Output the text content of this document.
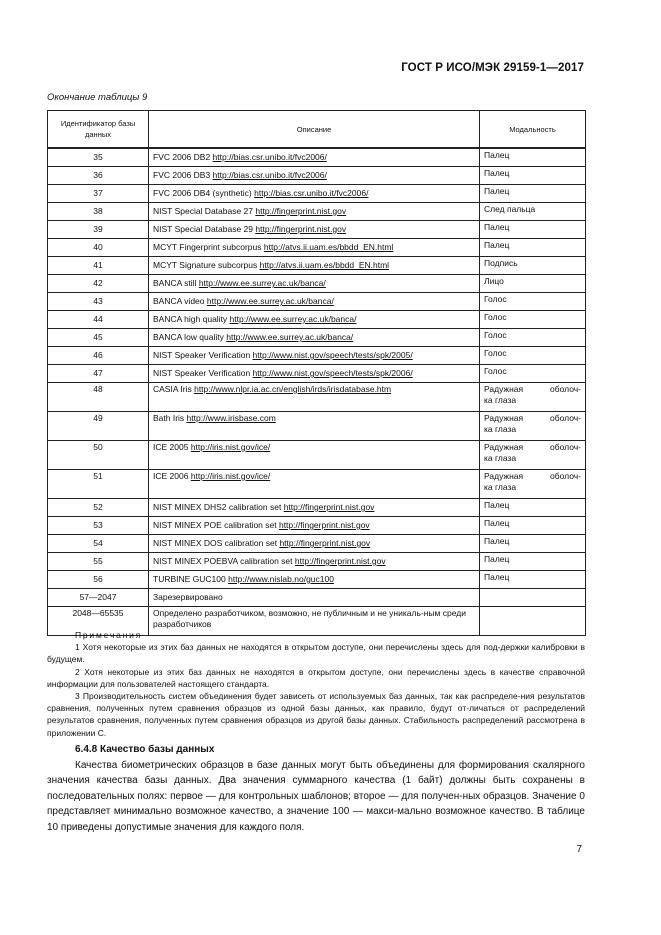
ГОСТ Р ИСО/МЭК 29159-1—2017
Окончание таблицы 9
Идентификатор базы данных	Описание	Модальность
35	FVC 2006 DB2 http://bias.csr.unibo.it/fvc2006/	Палец
36	FVC 2006 DB3 http://bias.csr.unibo.it/fvc2006/	Палец
37	FVC 2006 DB4 (synthetic) http://bias.csr.unibo.it/fvc2006/	Палец
38	NIST Special Database 27 http://fingerprint.nist.gov	След пальца
39	NIST Special Database 29 http://fingerprint.nist.gov	Палец
40	MCYT Fingerprint subcorpus http://atvs.ii.uam.es/bbdd_EN.html	Палец
41	MCYT Signature subcorpus http://atvs.ii.uam.es/bbdd_EN.html	Подпись
42	BANCA still http://www.ee.surrey.ac.uk/banca/	Лицо
43	BANCA video http://www.ee.surrey.ac.uk/banca/	Голос
44	BANCA high quality http://www.ee.surrey.ac.uk/banca/	Голос
45	BANCA low quality http://www.ee.surrey.ac.uk/banca/	Голос
46	NIST Speaker Verification http://www.nist.gov/speech/tests/spk/2005/	Голос
47	NIST Speaker Verification http://www.nist.gov/speech/tests/spk/2006/	Голос
48	CASIA Iris http://www.nlpr.ia.ac.cn/english/irds/irisdatabase.htm	Радужная оболоч-
ка глаза

49	Bath Iris http://www.irisbase.com	Радужная оболоч-
ка глаза

50	ICE 2005 http://iris.nist.gov/ice/	Радужная оболоч-
ка глаза

51	ICE 2006 http://iris.nist.gov/ice/	Радужная оболоч-
ка глаза

52	NIST MINEX DHS2 calibration set http://fingerprint.nist.gov	Палец
53	NIST MINEX POE calibration set http://fingerprint.nist.gov	Палец
54	NIST MINEX DOS calibration set http://fingerprint.nist.gov	Палец
55	NIST MINEX POEBVA calibration set http://fingerprint.nist.gov	Палец
56	TURBINE GUC100 http://www.nislab.no/guc100	Палец
57—2047	Зарезервировано	
2048—65535	Определено разработчиком, возможно, не публичным и не уникаль-ным среди разработчиков	
Примечания

1 Хотя некоторые из этих баз данных не находятся в открытом доступе, они перечислены здесь для под-держки калибровки в будущем.

2 Хотя некоторые из этих баз данных не находятся в открытом доступе, они перечислены здесь в качестве справочной информации для пользователей настоящего стандарта.

3 Производительность систем объединения будет зависеть от используемых баз данных, так как распределе-ния результатов сравнения, полученных путем сравнения образцов из одной базы данных, как правило, будут от-личаться от распределений результатов сравнения, полученных путем сравнения образцов из другой базы данных. Стабильность распределений рассмотрена в приложении С.

6.4.8 Качество базы данных

Качества биометрических образцов в базе данных могут быть объединены для формирования скалярного значения качества базы данных. Два значения суммарного качества (1 байт) должны быть сохранены в последовательных полях: первое — для контрольных шаблонов; второе — для получен-ных образцов. Значение 0 представляет минимально возможное качество, а значение 100 — макси-мально возможное качество. В таблице 10 приведены допустимые значения для каждого поля.

7
